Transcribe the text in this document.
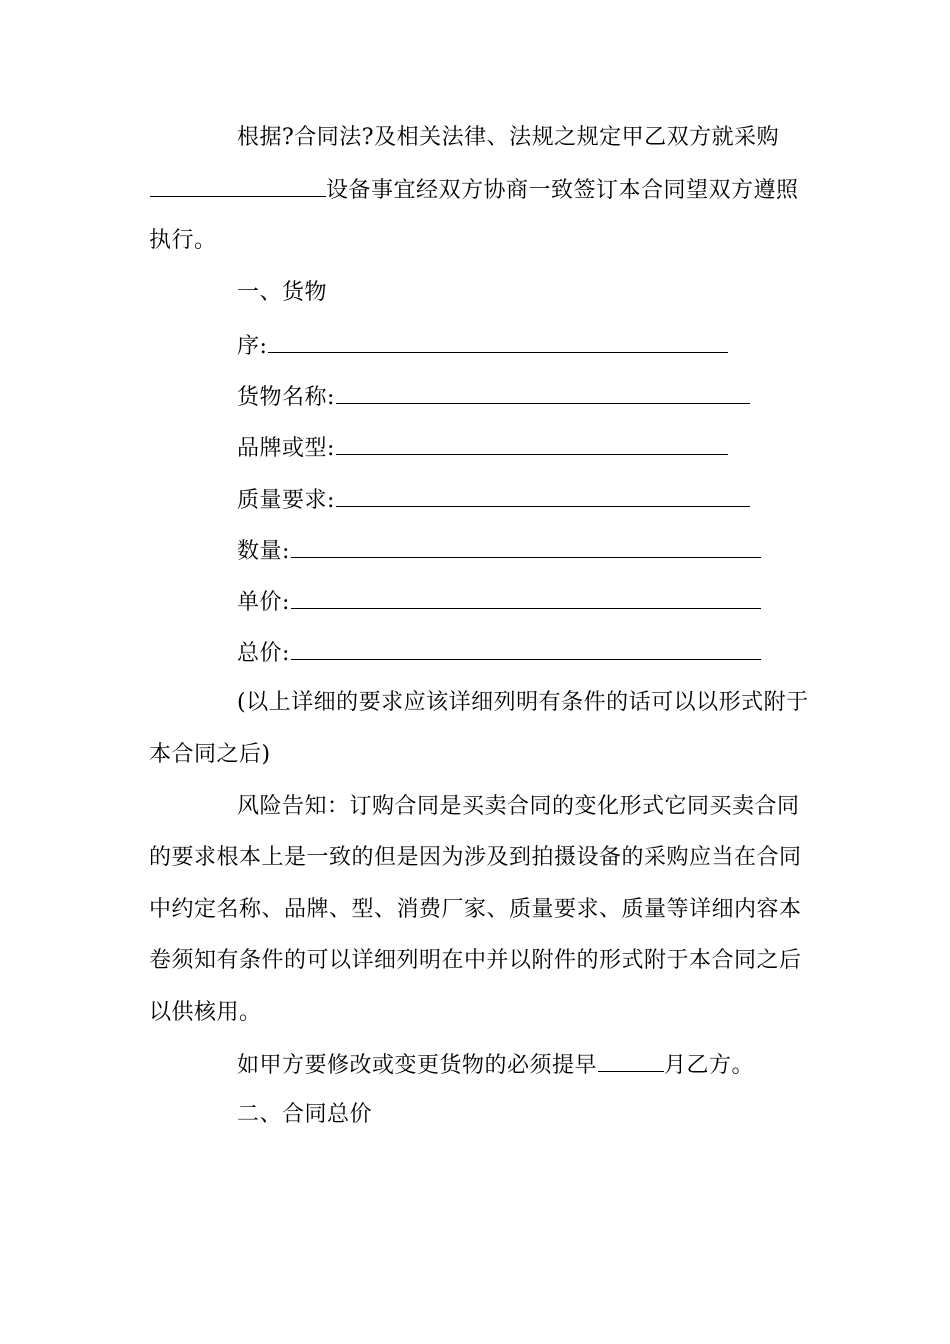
根据?合同法?及相关法律、法规之规定甲乙双方就采购
设备事宜经双方协商一致签订本合同望双方遵照
执行。
一、货物
序:
货物名称:
品牌或型:
质量要求:
数量:
单价:
总价:
(以上详细的要求应该详细列明有条件的话可以以形式附于
本合同之后)
风险告知：订购合同是买卖合同的变化形式它同买卖合同
的要求根本上是一致的但是因为涉及到拍摄设备的采购应当在合同
中约定名称、品牌、型、消费厂家、质量要求、质量等详细内容本
卷须知有条件的可以详细列明在中并以附件的形式附于本合同之后
以供核用。
如甲方要修改或变更货物的必须提早	月乙方。
二、合同总价
